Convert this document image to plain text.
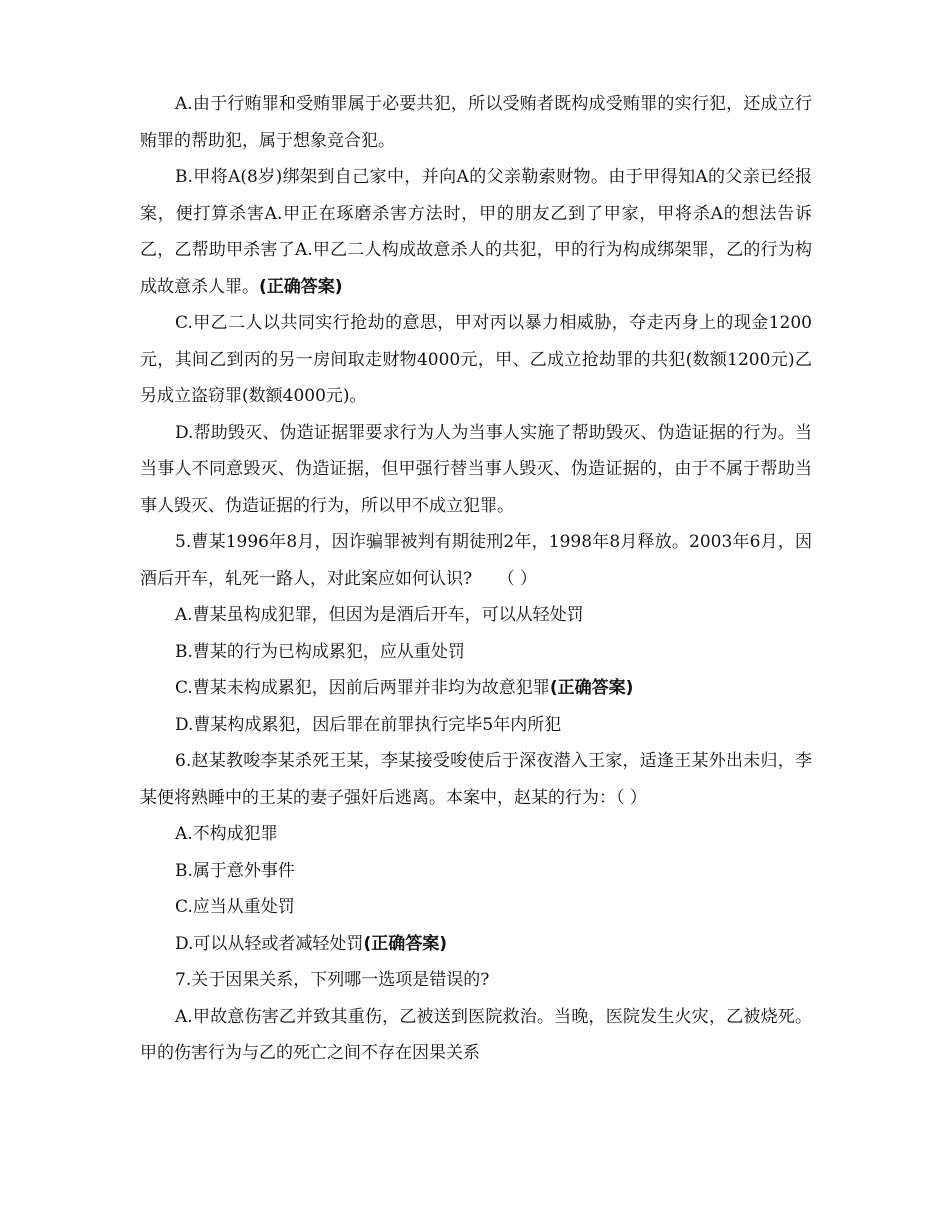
A.由于行贿罪和受贿罪属于必要共犯，所以受贿者既构成受贿罪的实行犯，还成立行贿罪的帮助犯，属于想象竞合犯。

B.甲将A(8岁)绑架到自己家中，并向A的父亲勒索财物。由于甲得知A的父亲已经报案，便打算杀害A.甲正在琢磨杀害方法时，甲的朋友乙到了甲家，甲将杀A的想法告诉乙，乙帮助甲杀害了A.甲乙二人构成故意杀人的共犯，甲的行为构成绑架罪，乙的行为构成故意杀人罪。(正确答案)

C.甲乙二人以共同实行抢劫的意思，甲对丙以暴力相威胁，夺走丙身上的现金1200元，其间乙到丙的另一房间取走财物4000元，甲、乙成立抢劫罪的共犯(数额1200元)乙另成立盗窃罪(数额4000元)。

D.帮助毁灭、伪造证据罪要求行为人为当事人实施了帮助毁灭、伪造证据的行为。当当事人不同意毁灭、伪造证据，但甲强行替当事人毁灭、伪造证据的，由于不属于帮助当事人毁灭、伪造证据的行为，所以甲不成立犯罪。

5.曹某1996年8月，因诈骗罪被判有期徒刑2年，1998年8月释放。2003年6月，因酒后开车，轧死一路人，对此案应如何认识?　　（ ）

A.曹某虽构成犯罪，但因为是酒后开车，可以从轻处罚

B.曹某的行为已构成累犯，应从重处罚

C.曹某未构成累犯，因前后两罪并非均为故意犯罪(正确答案)

D.曹某构成累犯，因后罪在前罪执行完毕5年内所犯

6.赵某教唆李某杀死王某，李某接受唆使后于深夜潜入王家，适逢王某外出未归，李某便将熟睡中的王某的妻子强奸后逃离。本案中，赵某的行为：（ ）

A.不构成犯罪

B.属于意外事件

C.应当从重处罚

D.可以从轻或者减轻处罚(正确答案)

7.关于因果关系，下列哪一选项是错误的?

A.甲故意伤害乙并致其重伤，乙被送到医院救治。当晚，医院发生火灾，乙被烧死。甲的伤害行为与乙的死亡之间不存在因果关系
